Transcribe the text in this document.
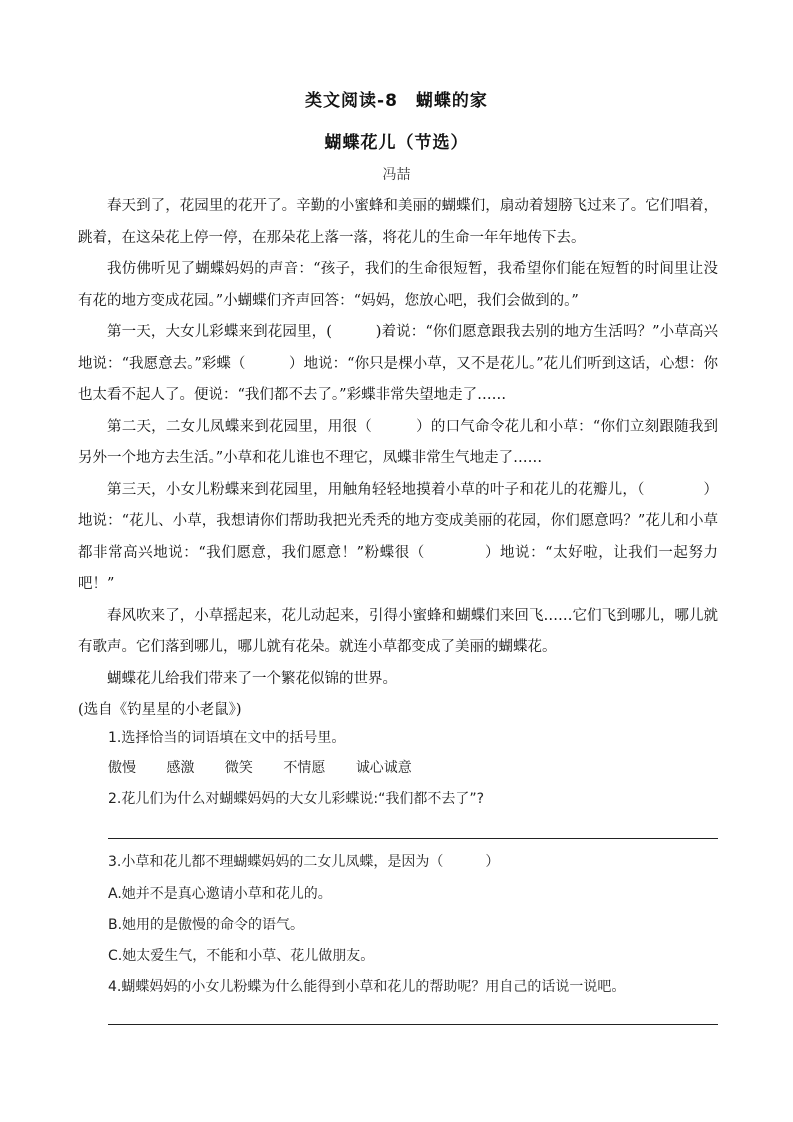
类文阅读-8　蝴蝶的家
蝴蝶花儿（节选）
冯喆

春天到了，花园里的花开了。辛勤的小蜜蜂和美丽的蝴蝶们，扇动着翅膀飞过来了。它们唱着，跳着，在这朵花上停一停，在那朵花上落一落，将花儿的生命一年年地传下去。

我仿佛听见了蝴蝶妈妈的声音：“孩子，我们的生命很短暂，我希望你们能在短暂的时间里让没有花的地方变成花园。”小蝴蝶们齐声回答：“妈妈，您放心吧，我们会做到的。”

第一天，大女儿彩蝶来到花园里，(　　　)着说：“你们愿意跟我去别的地方生活吗？”小草高兴地说：“我愿意去。”彩蝶（　　　）地说：“你只是棵小草，又不是花儿。”花儿们听到这话，心想：你也太看不起人了。便说：“我们都不去了。”彩蝶非常失望地走了……

第二天，二女儿凤蝶来到花园里，用很（　　　）的口气命令花儿和小草：“你们立刻跟随我到另外一个地方去生活。”小草和花儿谁也不理它，凤蝶非常生气地走了……

第三天，小女儿粉蝶来到花园里，用触角轻轻地摸着小草的叶子和花儿的花瓣儿，（　　　　）地说：“花儿、小草，我想请你们帮助我把光秃秃的地方变成美丽的花园，你们愿意吗？”花儿和小草都非常高兴地说：“我们愿意，我们愿意！”粉蝶很（　　　　）地说：“太好啦，让我们一起努力吧！”

春风吹来了，小草摇起来，花儿动起来，引得小蜜蜂和蝴蝶们来回飞……它们飞到哪儿，哪儿就有歌声。它们落到哪儿，哪儿就有花朵。就连小草都变成了美丽的蝴蝶花。

蝴蝶花儿给我们带来了一个繁花似锦的世界。

(选自《钓星星的小老鼠》)

1.选择恰当的词语填在文中的括号里。
傲慢 感激 微笑 不情愿 诚心诚意
2.花儿们为什么对蝴蝶妈妈的大女儿彩蝶说:“我们都不去了”?
3.小草和花儿都不理蝴蝶妈妈的二女儿凤蝶，是因为（　　　）
A.她并不是真心邀请小草和花儿的。
B.她用的是傲慢的命令的语气。
C.她太爱生气，不能和小草、花儿做朋友。
4.蝴蝶妈妈的小女儿粉蝶为什么能得到小草和花儿的帮助呢？用自己的话说一说吧。
